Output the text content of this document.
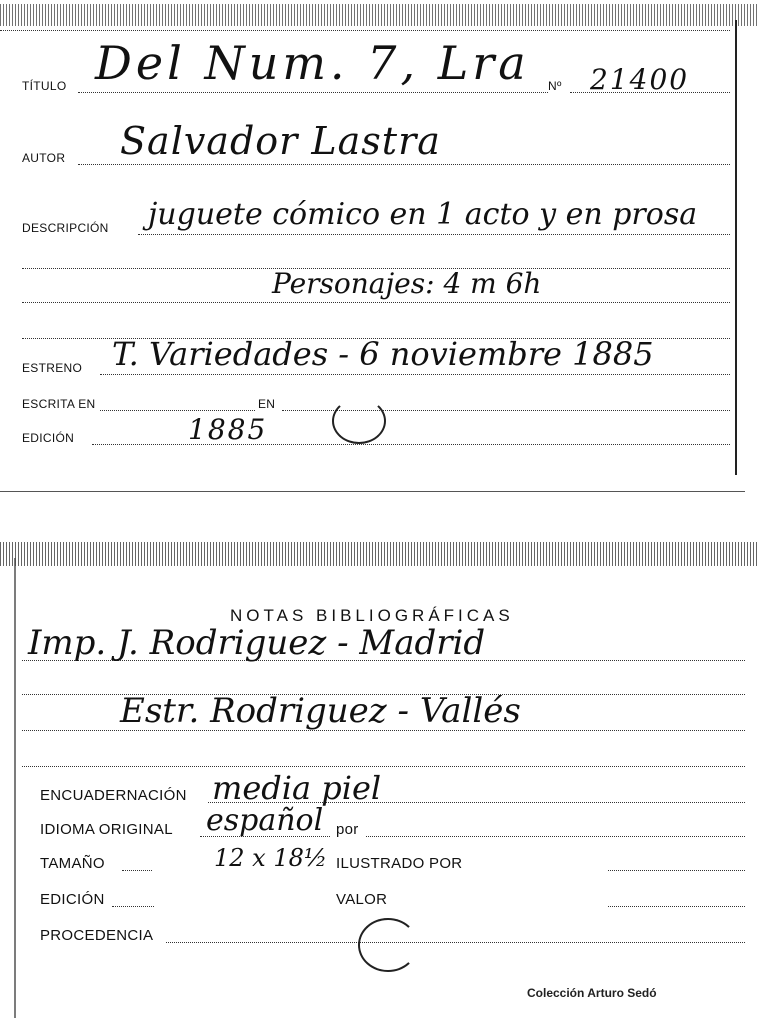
TÍTULO Del Num. 7, Lra Nº 21400
AUTOR Salvador Lastra
DESCRIPCIÓN juguete cómico en 1 acto y en prosa
Personajes: 4 m 6h
ESTRENO T. Variedades - 6 noviembre 1885
ESCRITA EN	EN
EDICIÓN	1885
NOTAS BIBLIOGRÁFICAS
Imp. J. Rodriguez - Madrid
Estr. Rodriguez - Vallés
ENCUADERNACIÓN media piel
IDIOMA ORIGINAL español por
TAMAÑO	12 x 18½ ILUSTRADO POR
EDICIÓN	VALOR
PROCEDENCIA
Colección Arturo Sedó
